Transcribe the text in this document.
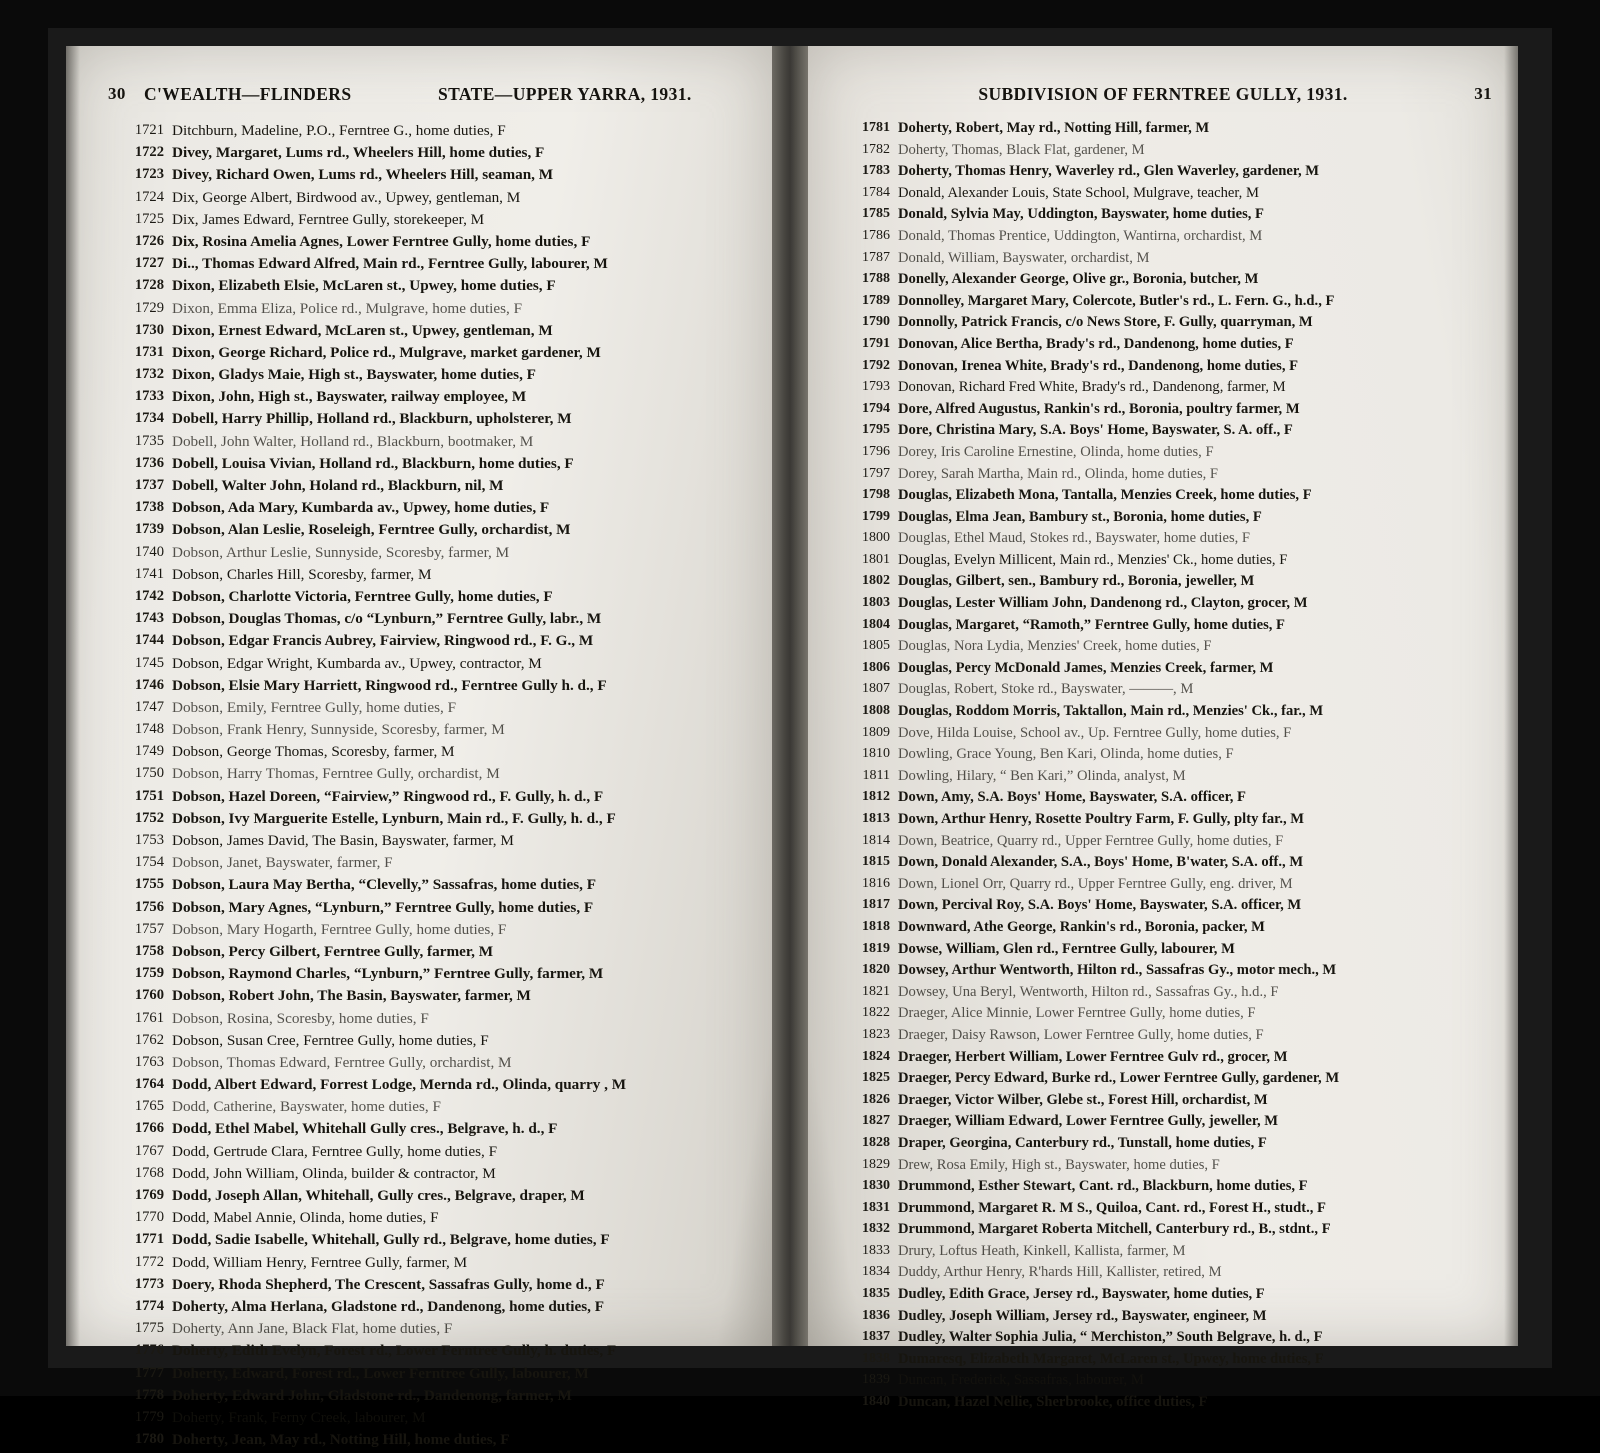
30 C'WEALTH—FLINDERS	STATE—UPPER YARRA, 1931.
1721 Ditchburn, Madeline, P.O., Ferntree G., home duties, F
1722 Divey, Margaret, Lums rd., Wheelers Hill, home duties, F
1723 Divey, Richard Owen, Lums rd., Wheelers Hill, seaman, M
1724 Dix, George Albert, Birdwood av., Upwey, gentleman, M
1725 Dix, James Edward, Ferntree Gully, storekeeper, M
1726 Dix, Rosina Amelia Agnes, Lower Ferntree Gully, home duties, F
1727 Di.., Thomas Edward Alfred, Main rd., Ferntree Gully, labourer, M
1728 Dixon, Elizabeth Elsie, McLaren st., Upwey, home duties, F
1729 Dixon, Emma Eliza, Police rd., Mulgrave, home duties, F
1730 Dixon, Ernest Edward, McLaren st., Upwey, gentleman, M
1731 Dixon, George Richard, Police rd., Mulgrave, market gardener, M
1732 Dixon, Gladys Maie, High st., Bayswater, home duties, F
1733 Dixon, John, High st., Bayswater, railway employee, M
1734 Dobell, Harry Phillip, Holland rd., Blackburn, upholsterer, M
1735 Dobell, John Walter, Holland rd., Blackburn, bootmaker, M
1736 Dobell, Louisa Vivian, Holland rd., Blackburn, home duties, F
1737 Dobell, Walter John, Holand rd., Blackburn, nil, M
1738 Dobson, Ada Mary, Kumbarda av., Upwey, home duties, F
1739 Dobson, Alan Leslie, Roseleigh, Ferntree Gully, orchardist, M
1740 Dobson, Arthur Leslie, Sunnyside, Scoresby, farmer, M
1741 Dobson, Charles Hill, Scoresby, farmer, M
1742 Dobson, Charlotte Victoria, Ferntree Gully, home duties, F
1743 Dobson, Douglas Thomas, c/o “Lynburn,” Ferntree Gully, labr., M
1744 Dobson, Edgar Francis Aubrey, Fairview, Ringwood rd., F. G., M
1745 Dobson, Edgar Wright, Kumbarda av., Upwey, contractor, M
1746 Dobson, Elsie Mary Harriett, Ringwood rd., Ferntree Gully h. d., F
1747 Dobson, Emily, Ferntree Gully, home duties, F
1748 Dobson, Frank Henry, Sunnyside, Scoresby, farmer, M
1749 Dobson, George Thomas, Scoresby, farmer, M
1750 Dobson, Harry Thomas, Ferntree Gully, orchardist, M
1751 Dobson, Hazel Doreen, “Fairview,” Ringwood rd., F. Gully, h. d., F
1752 Dobson, Ivy Marguerite Estelle, Lynburn, Main rd., F. Gully, h. d., F
1753 Dobson, James David, The Basin, Bayswater, farmer, M
1754 Dobson, Janet, Bayswater, farmer, F
1755 Dobson, Laura May Bertha, “Clevelly,” Sassafras, home duties, F
1756 Dobson, Mary Agnes, “Lynburn,” Ferntree Gully, home duties, F
1757 Dobson, Mary Hogarth, Ferntree Gully, home duties, F
1758 Dobson, Percy Gilbert, Ferntree Gully, farmer, M
1759 Dobson, Raymond Charles, “Lynburn,” Ferntree Gully, farmer, M
1760 Dobson, Robert John, The Basin, Bayswater, farmer, M
1761 Dobson, Rosina, Scoresby, home duties, F
1762 Dobson, Susan Cree, Ferntree Gully, home duties, F
1763 Dobson, Thomas Edward, Ferntree Gully, orchardist, M
1764 Dodd, Albert Edward, Forrest Lodge, Mernda rd., Olinda, quarry , M
1765 Dodd, Catherine, Bayswater, home duties, F
1766 Dodd, Ethel Mabel, Whitehall Gully cres., Belgrave, h. d., F
1767 Dodd, Gertrude Clara, Ferntree Gully, home duties, F
1768 Dodd, John William, Olinda, builder & contractor, M
1769 Dodd, Joseph Allan, Whitehall, Gully cres., Belgrave, draper, M
1770 Dodd, Mabel Annie, Olinda, home duties, F
1771 Dodd, Sadie Isabelle, Whitehall, Gully rd., Belgrave, home duties, F
1772 Dodd, William Henry, Ferntree Gully, farmer, M
1773 Doery, Rhoda Shepherd, The Crescent, Sassafras Gully, home d., F
1774 Doherty, Alma Herlana, Gladstone rd., Dandenong, home duties, F
1775 Doherty, Ann Jane, Black Flat, home duties, F
1776 Doherty, Edith Evelyn, Forest rd., Lower Ferntree Gully, h. duties, F
1777 Doherty, Edward, Forest rd., Lower Ferntree Gully, labourer, M
1778 Doherty, Edward John, Gladstone rd., Dandenong, farmer, M
1779 Doherty, Frank, Ferny Creek, labourer, M
1780 Doherty, Jean, May rd., Notting Hill, home duties, F
SUBDIVISION OF FERNTREE GULLY, 1931.	31
1781 Doherty, Robert, May rd., Notting Hill, farmer, M
1782 Doherty, Thomas, Black Flat, gardener, M
1783 Doherty, Thomas Henry, Waverley rd., Glen Waverley, gardener, M
1784 Donald, Alexander Louis, State School, Mulgrave, teacher, M
1785 Donald, Sylvia May, Uddington, Bayswater, home duties, F
1786 Donald, Thomas Prentice, Uddington, Wantirna, orchardist, M
1787 Donald, William, Bayswater, orchardist, M
1788 Donelly, Alexander George, Olive gr., Boronia, butcher, M
1789 Donnolley, Margaret Mary, Colercote, Butler's rd., L. Fern. G., h.d., F
1790 Donnolly, Patrick Francis, c/o News Store, F. Gully, quarryman, M
1791 Donovan, Alice Bertha, Brady's rd., Dandenong, home duties, F
1792 Donovan, Irenea White, Brady's rd., Dandenong, home duties, F
1793 Donovan, Richard Fred White, Brady's rd., Dandenong, farmer, M
1794 Dore, Alfred Augustus, Rankin's rd., Boronia, poultry farmer, M
1795 Dore, Christina Mary, S.A. Boys' Home, Bayswater, S. A. off., F
1796 Dorey, Iris Caroline Ernestine, Olinda, home duties, F
1797 Dorey, Sarah Martha, Main rd., Olinda, home duties, F
1798 Douglas, Elizabeth Mona, Tantalla, Menzies Creek, home duties, F
1799 Douglas, Elma Jean, Bambury st., Boronia, home duties, F
1800 Douglas, Ethel Maud, Stokes rd., Bayswater, home duties, F
1801 Douglas, Evelyn Millicent, Main rd., Menzies' Ck., home duties, F
1802 Douglas, Gilbert, sen., Bambury rd., Boronia, jeweller, M
1803 Douglas, Lester William John, Dandenong rd., Clayton, grocer, M
1804 Douglas, Margaret, “Ramoth,” Ferntree Gully, home duties, F
1805 Douglas, Nora Lydia, Menzies' Creek, home duties, F
1806 Douglas, Percy McDonald James, Menzies Creek, farmer, M
1807 Douglas, Robert, Stoke rd., Bayswater, ———, M
1808 Douglas, Roddom Morris, Taktallon, Main rd., Menzies' Ck., far., M
1809 Dove, Hilda Louise, School av., Up. Ferntree Gully, home duties, F
1810 Dowling, Grace Young, Ben Kari, Olinda, home duties, F
1811 Dowling, Hilary, “ Ben Kari,” Olinda, analyst, M
1812 Down, Amy, S.A. Boys' Home, Bayswater, S.A. officer, F
1813 Down, Arthur Henry, Rosette Poultry Farm, F. Gully, plty far., M
1814 Down, Beatrice, Quarry rd., Upper Ferntree Gully, home duties, F
1815 Down, Donald Alexander, S.A., Boys' Home, B'water, S.A. off., M
1816 Down, Lionel Orr, Quarry rd., Upper Ferntree Gully, eng. driver, M
1817 Down, Percival Roy, S.A. Boys' Home, Bayswater, S.A. officer, M
1818 Downward, Athe George, Rankin's rd., Boronia, packer, M
1819 Dowse, William, Glen rd., Ferntree Gully, labourer, M
1820 Dowsey, Arthur Wentworth, Hilton rd., Sassafras Gy., motor mech., M
1821 Dowsey, Una Beryl, Wentworth, Hilton rd., Sassafras Gy., h.d., F
1822 Draeger, Alice Minnie, Lower Ferntree Gully, home duties, F
1823 Draeger, Daisy Rawson, Lower Ferntree Gully, home duties, F
1824 Draeger, Herbert William, Lower Ferntree Gulv rd., grocer, M
1825 Draeger, Percy Edward, Burke rd., Lower Ferntree Gully, gardener, M
1826 Draeger, Victor Wilber, Glebe st., Forest Hill, orchardist, M
1827 Draeger, William Edward, Lower Ferntree Gully, jeweller, M
1828 Draper, Georgina, Canterbury rd., Tunstall, home duties, F
1829 Drew, Rosa Emily, High st., Bayswater, home duties, F
1830 Drummond, Esther Stewart, Cant. rd., Blackburn, home duties, F
1831 Drummond, Margaret R. M S., Quiloa, Cant. rd., Forest H., studt., F
1832 Drummond, Margaret Roberta Mitchell, Canterbury rd., B., stdnt., F
1833 Drury, Loftus Heath, Kinkell, Kallista, farmer, M
1834 Duddy, Arthur Henry, R'hards Hill, Kallister, retired, M
1835 Dudley, Edith Grace, Jersey rd., Bayswater, home duties, F
1836 Dudley, Joseph William, Jersey rd., Bayswater, engineer, M
1837 Dudley, Walter Sophia Julia, “ Merchiston,” South Belgrave, h. d., F
1838 Dumaresq, Elizabeth Margaret, McLaren st., Upwey, home duties, F
1839 Duncan, Frederick, Sassafras, labourer, M
1840 Duncan, Hazel Nellie, Sherbrooke, office duties, F
